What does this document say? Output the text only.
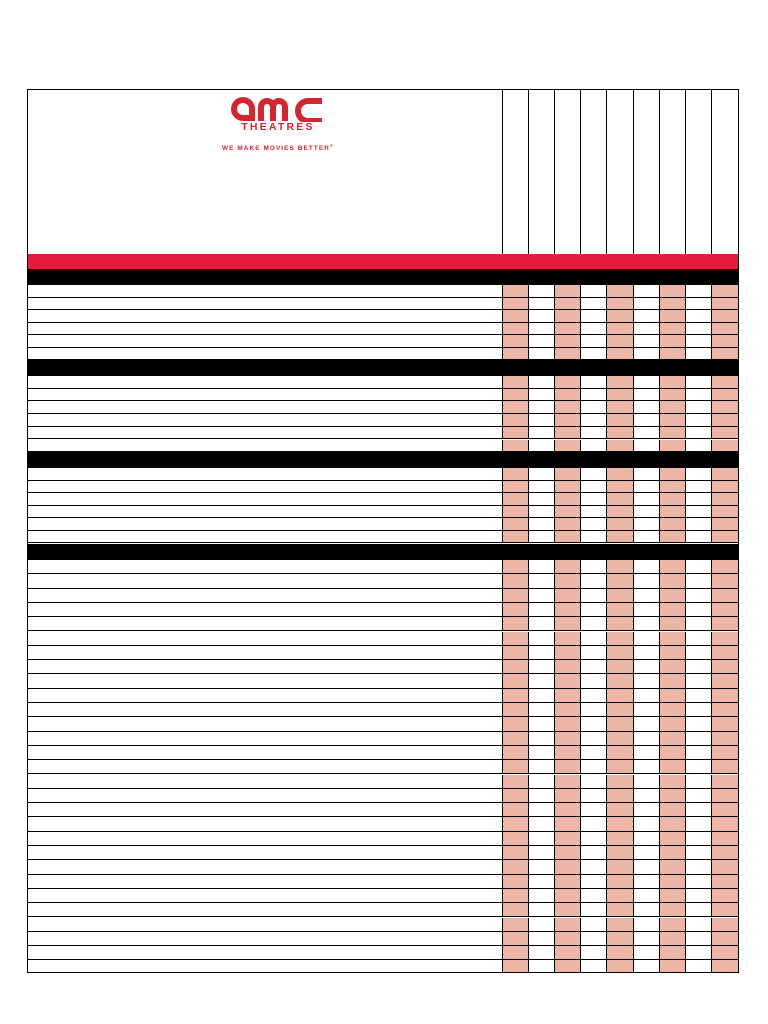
THEATRES
WE MAKE MOVIES BETTER®
